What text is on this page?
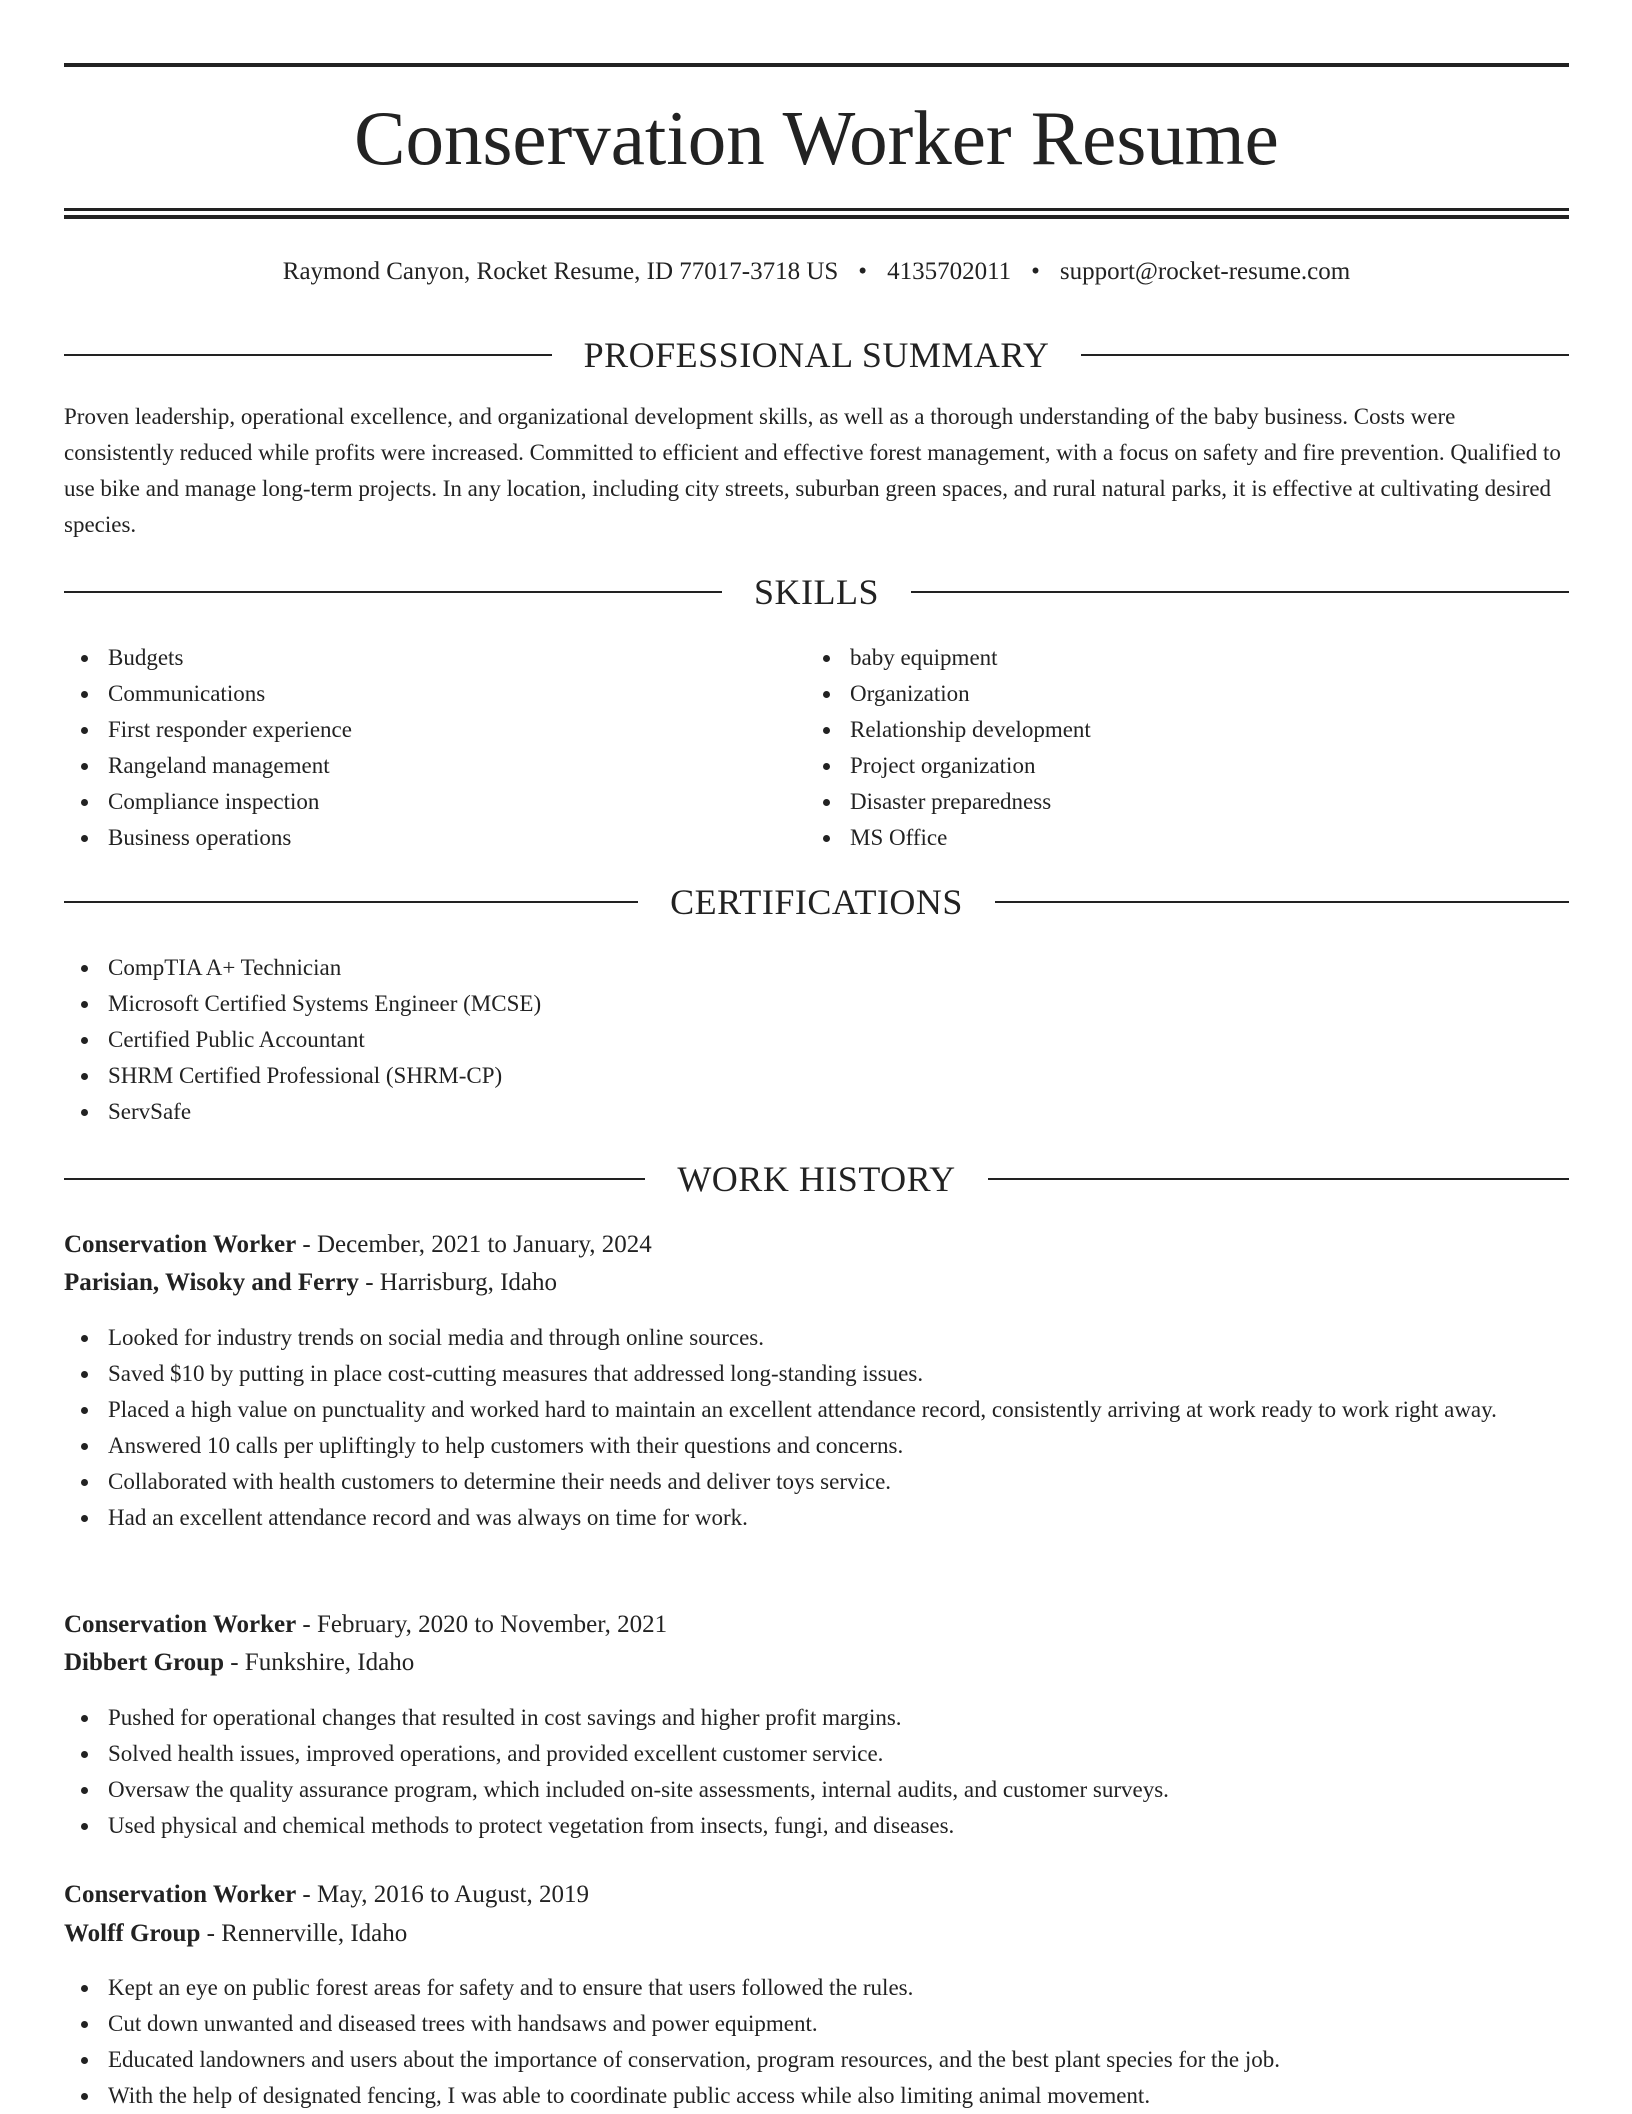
Conservation Worker Resume
Raymond Canyon, Rocket Resume, ID 77017-3718 US • 4135702011 • support@rocket-resume.com
PROFESSIONAL SUMMARY

Proven leadership, operational excellence, and organizational development skills, as well as a thorough understanding of the baby business. Costs were consistently reduced while profits were increased. Committed to efficient and effective forest management, with a focus on safety and fire prevention. Qualified to use bike and manage long-term projects. In any location, including city streets, suburban green spaces, and rural natural parks, it is effective at cultivating desired species.

SKILLS
Budgets
Communications
First responder experience
Rangeland management
Compliance inspection
Business operations
baby equipment
Organization
Relationship development
Project organization
Disaster preparedness
MS Office
CERTIFICATIONS
CompTIA A+ Technician
Microsoft Certified Systems Engineer (MCSE)
Certified Public Accountant
SHRM Certified Professional (SHRM-CP)
ServSafe
WORK HISTORY

Conservation Worker - December, 2021 to January, 2024

Parisian, Wisoky and Ferry - Harrisburg, Idaho

Looked for industry trends on social media and through online sources.
Saved $10 by putting in place cost-cutting measures that addressed long-standing issues.
Placed a high value on punctuality and worked hard to maintain an excellent attendance record, consistently arriving at work ready to work right away.
Answered 10 calls per upliftingly to help customers with their questions and concerns.
Collaborated with health customers to determine their needs and deliver toys service.
Had an excellent attendance record and was always on time for work.

Conservation Worker - February, 2020 to November, 2021

Dibbert Group - Funkshire, Idaho

Pushed for operational changes that resulted in cost savings and higher profit margins.
Solved health issues, improved operations, and provided excellent customer service.
Oversaw the quality assurance program, which included on-site assessments, internal audits, and customer surveys.
Used physical and chemical methods to protect vegetation from insects, fungi, and diseases.

Conservation Worker - May, 2016 to August, 2019

Wolff Group - Rennerville, Idaho

Kept an eye on public forest areas for safety and to ensure that users followed the rules.
Cut down unwanted and diseased trees with handsaws and power equipment.
Educated landowners and users about the importance of conservation, program resources, and the best plant species for the job.
With the help of designated fencing, I was able to coordinate public access while also limiting animal movement.
